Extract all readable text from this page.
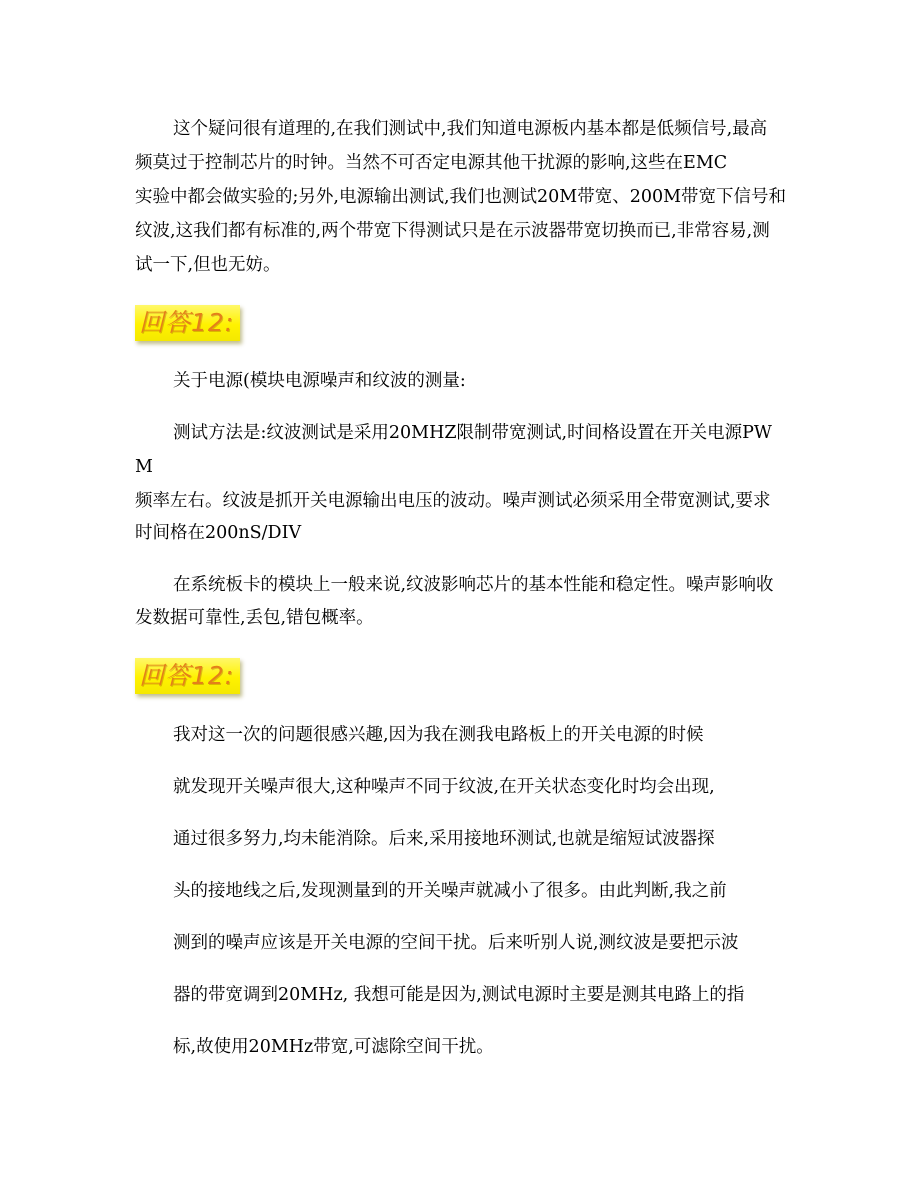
这个疑问很有道理的,在我们测试中,我们知道电源板内基本都是低频信号,最高
频莫过于控制芯片的时钟。当然不可否定电源其他干扰源的影响,这些在EMC
实验中都会做实验的;另外,电源输出测试,我们也测试20M带宽、200M带宽下信号和
纹波,这我们都有标准的,两个带宽下得测试只是在示波器带宽切换而已,非常容易,测
试一下,但也无妨。
回答12:
关于电源(模块电源噪声和纹波的测量:
测试方法是:纹波测试是采用20MHZ限制带宽测试,时间格设置在开关电源PW
M
频率左右。纹波是抓开关电源输出电压的波动。噪声测试必须采用全带宽测试,要求
时间格在200nS/DIV
在系统板卡的模块上一般来说,纹波影响芯片的基本性能和稳定性。噪声影响收
发数据可靠性,丢包,错包概率。
回答12:
我对这一次的问题很感兴趣,因为我在测我电路板上的开关电源的时候
就发现开关噪声很大,这种噪声不同于纹波,在开关状态变化时均会出现,
通过很多努力,均未能消除。后来,采用接地环测试,也就是缩短试波器探
头的接地线之后,发现测量到的开关噪声就减小了很多。由此判断,我之前
测到的噪声应该是开关电源的空间干扰。后来听别人说,测纹波是要把示波
器的带宽调到20MHz, 我想可能是因为,测试电源时主要是测其电路上的指
标,故使用20MHz带宽,可滤除空间干扰。
